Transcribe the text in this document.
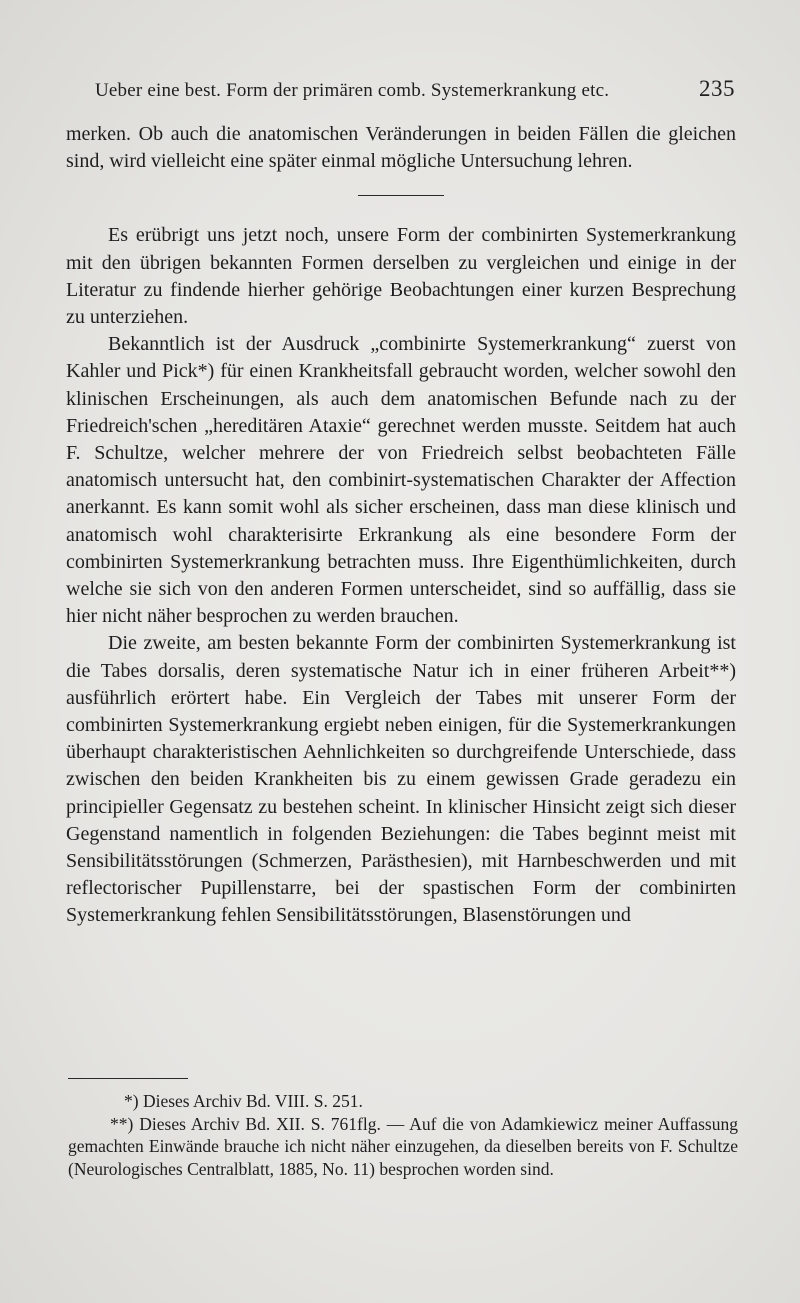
Ueber eine best. Form der primären comb. Systemerkrankung etc.	235

merken. Ob auch die anatomischen Veränderungen in beiden Fällen die gleichen sind, wird vielleicht eine später einmal mögliche Untersuchung lehren.

Es erübrigt uns jetzt noch, unsere Form der combinirten Systemerkrankung mit den übrigen bekannten Formen derselben zu vergleichen und einige in der Literatur zu findende hierher gehörige Beobachtungen einer kurzen Besprechung zu unterziehen.

Bekanntlich ist der Ausdruck „combinirte Systemerkrankung“ zuerst von Kahler und Pick*) für einen Krankheitsfall gebraucht worden, welcher sowohl den klinischen Erscheinungen, als auch dem anatomischen Befunde nach zu der Friedreich'schen „hereditären Ataxie“ gerechnet werden musste. Seitdem hat auch F. Schultze, welcher mehrere der von Friedreich selbst beobachteten Fälle anatomisch untersucht hat, den combinirt-systematischen Charakter der Affection anerkannt. Es kann somit wohl als sicher erscheinen, dass man diese klinisch und anatomisch wohl charakterisirte Erkrankung als eine besondere Form der combinirten Systemerkrankung betrachten muss. Ihre Eigenthümlichkeiten, durch welche sie sich von den anderen Formen unterscheidet, sind so auffällig, dass sie hier nicht näher besprochen zu werden brauchen.

Die zweite, am besten bekannte Form der combinirten Systemerkrankung ist die Tabes dorsalis, deren systematische Natur ich in einer früheren Arbeit**) ausführlich erörtert habe. Ein Vergleich der Tabes mit unserer Form der combinirten Systemerkrankung ergiebt neben einigen, für die Systemerkrankungen überhaupt charakteristischen Aehnlichkeiten so durchgreifende Unterschiede, dass zwischen den beiden Krankheiten bis zu einem gewissen Grade geradezu ein principieller Gegensatz zu bestehen scheint. In klinischer Hinsicht zeigt sich dieser Gegenstand namentlich in folgenden Beziehungen: die Tabes beginnt meist mit Sensibilitätsstörungen (Schmerzen, Parästhesien), mit Harnbeschwerden und mit reflectorischer Pupillenstarre, bei der spastischen Form der combinirten Systemerkrankung fehlen Sensibilitätsstörungen, Blasenstörungen und

*) Dieses Archiv Bd. VIII. S. 251.

**) Dieses Archiv Bd. XII. S. 761flg. — Auf die von Adamkiewicz meiner Auffassung gemachten Einwände brauche ich nicht näher einzugehen, da dieselben bereits von F. Schultze (Neurologisches Centralblatt, 1885, No. 11) besprochen worden sind.
